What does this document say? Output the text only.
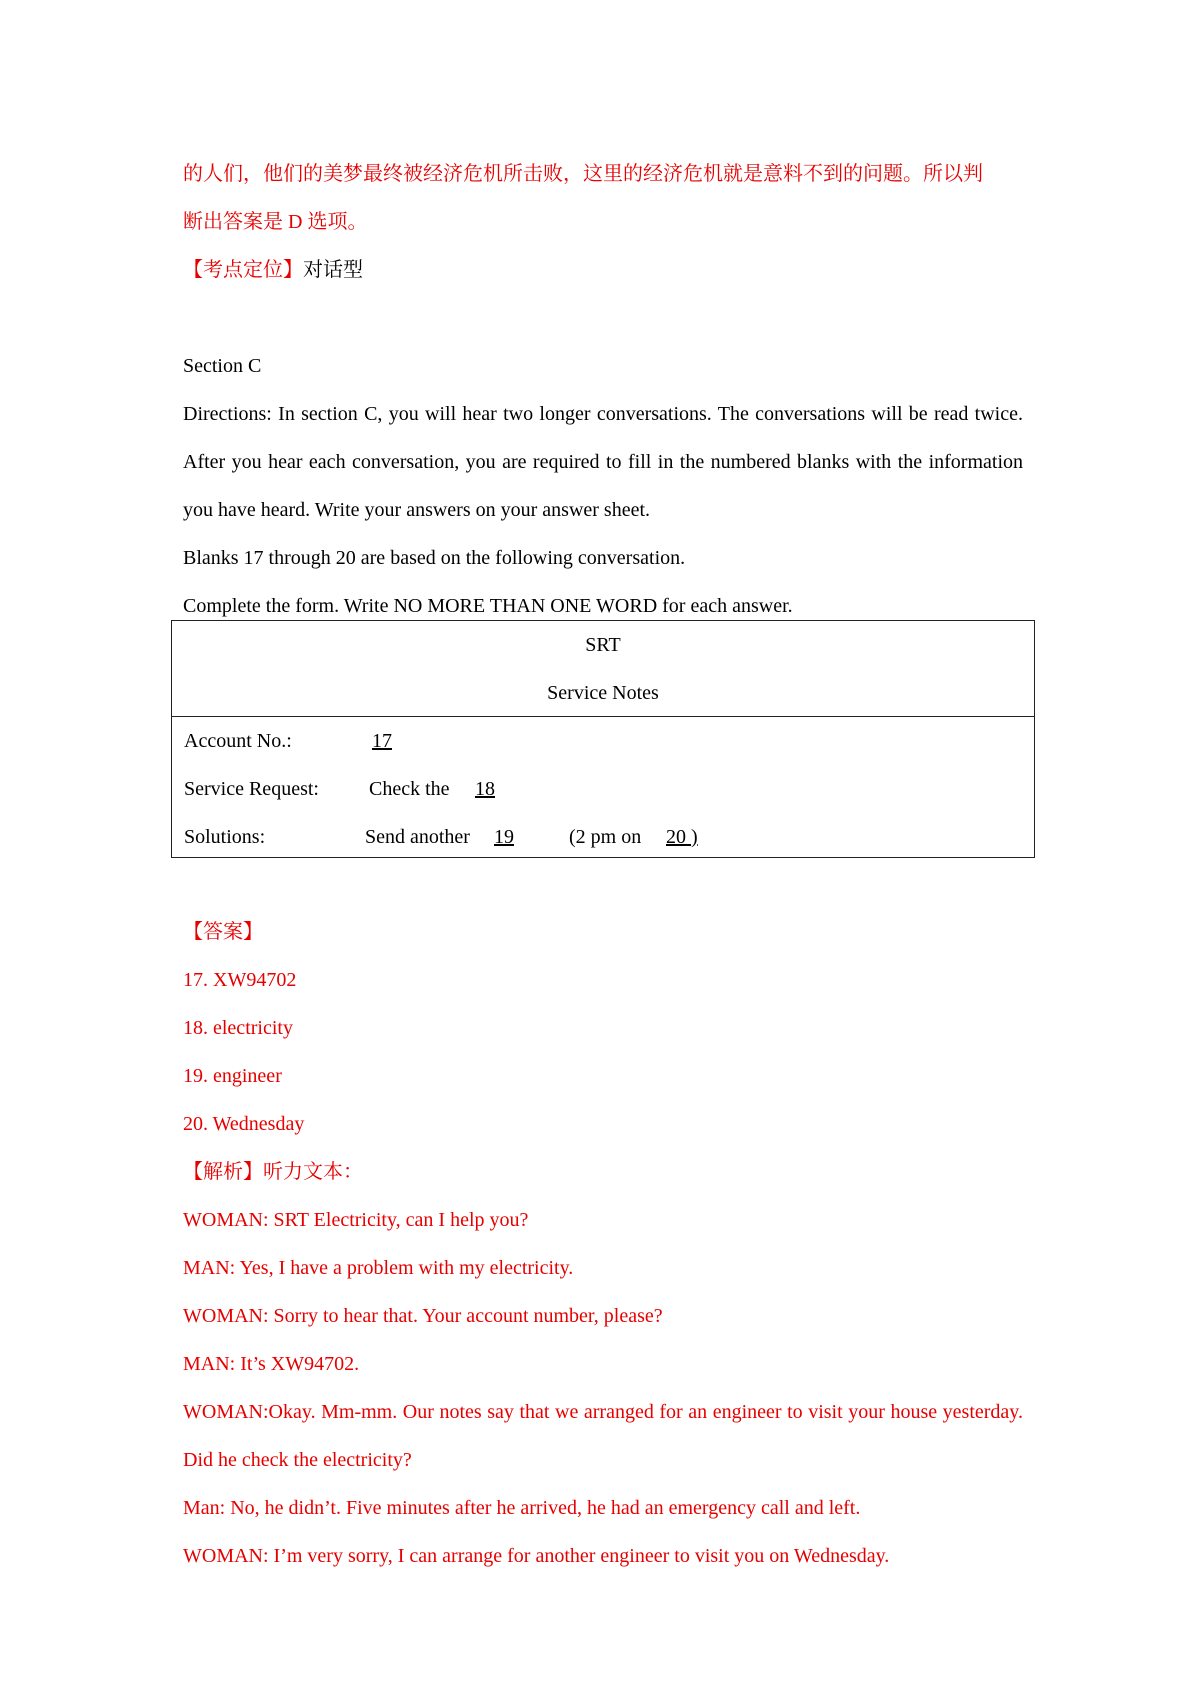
的人们，他们的美梦最终被经济危机所击败，这里的经济危机就是意料不到的问题。所以判
断出答案是 D 选项。
【考点定位】对话型
Section C
Directions: In section C, you will hear two longer conversations. The conversations will be read twice. After you hear each conversation, you are required to fill in the numbered blanks with the information you have heard. Write your answers on your answer sheet.
Blanks 17 through 20 are based on the following conversation.
Complete the form. Write NO MORE THAN ONE WORD for each answer.
SRT
Service Notes
Account No.:	17
Service Request:	Check the 18
Solutions:	Send another 19	(2 pm on 20 )
【答案】
17. XW94702
18. electricity
19. engineer
20. Wednesday
【解析】听力文本：
WOMAN: SRT Electricity, can I help you?
MAN: Yes, I have a problem with my electricity.
WOMAN: Sorry to hear that. Your account number, please?
MAN: It’s XW94702.
WOMAN:Okay. Mm-mm. Our notes say that we arranged for an engineer to visit your house yesterday. Did he check the electricity?
Man: No, he didn’t. Five minutes after he arrived, he had an emergency call and left.
WOMAN: I’m very sorry, I can arrange for another engineer to visit you on Wednesday.
